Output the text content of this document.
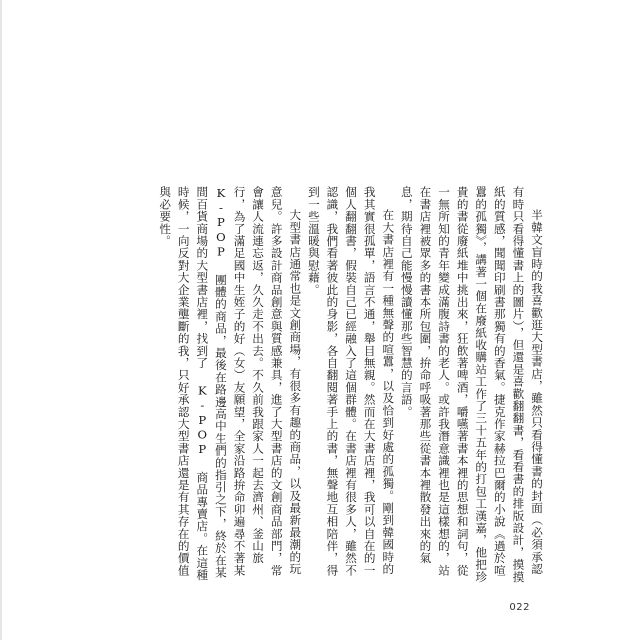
半韓文盲時的我喜歡逛大型書店，雖然只看得懂書的封面（必須承認有時只看得懂書上的圖片），但還是喜歡翻翻書，看看書的排版設計，摸摸紙的質感，聞聞印刷書那獨有的香氣。捷克作家赫拉巴爾的小說《過於喧囂的孤獨》，講著一個在廢紙收購站工作了三十五年的打包工漢嘉，他把珍貴的書從廢紙堆中挑出來，狂飲著啤酒，嚼嚥著書本裡的思想和詞句，從一無所知的青年變成滿腹詩書的老人。或許我潛意識裡也是這樣想的，站在書店裡被眾多的書本所包圍，拚命呼吸著那些從書本裡散發出來的氣息，期待自己能慢慢讀懂那些智慧的言語。

在大書店裡有一種無聲的喧囂，以及恰到好處的孤獨。剛到韓國時的我其實很孤單，語言不通，舉目無親。然而在大書店裡，我可以自在的一個人翻翻書，假裝自己已經融入了這個群體。在書店裡有很多人，雖然不認識，我們看著彼此的身影，各自翻閱著手上的書，無聲地互相陪伴，得到一些溫暖與慰藉。

大型書店通常也是文創商場，有很多有趣的商品，以及最新最潮的玩意兒。許多設計商品創意與質感兼具，進了大型書店的文創商品部門，常會讓人流連忘返，久久走不出去。不久前我跟家人一起去濟州、釜山旅行，為了滿足國中生姪子的好（女）友願望，全家沿路拚命卯遍尋不著某 K-POP 團體的商品，最後在路邊高中生們的指引之下，終於在某間百貨商場的大型書店裡，找到了 K-POP 商品專賣店。在這種時候，一向反對大企業壟斷的我，只好承認大型書店還是有其存在的價值與必要性。

022
